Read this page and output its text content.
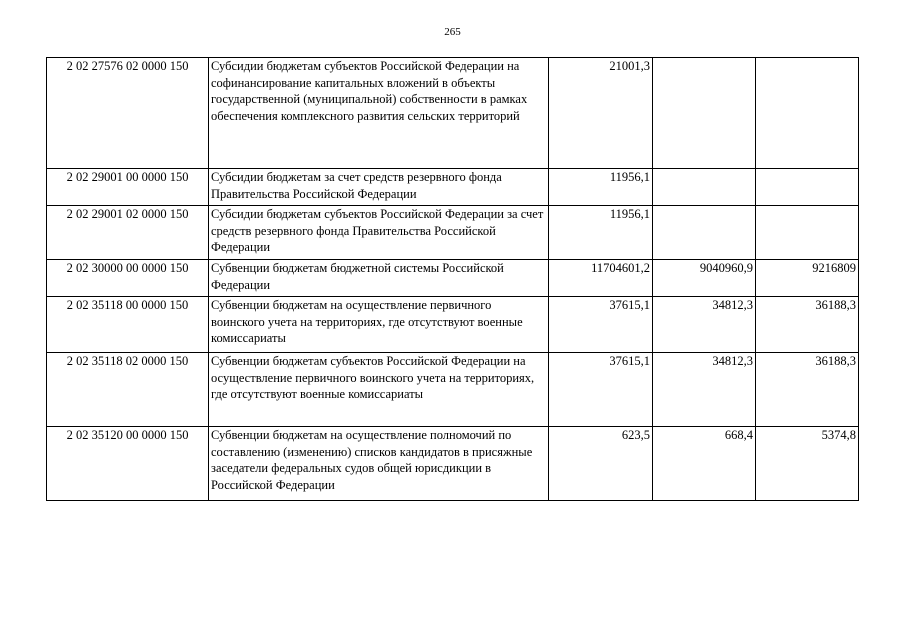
265
2 02 27576 02 0000 150	Субсидии бюджетам субъектов Российской Федерации на софинансирование капитальных вложений в объекты государственной (муниципальной) собственности в рамках обеспечения комплексного развития сельских территорий	21001,3		
2 02 29001 00 0000 150	Субсидии бюджетам за счет средств резервного фонда Правительства Российской Федерации	11956,1		
2 02 29001 02 0000 150	Субсидии бюджетам субъектов Российской Федерации за счет средств резервного фонда Правительства Российской Федерации	11956,1		
2 02 30000 00 0000 150	Субвенции бюджетам бюджетной системы Российской Федерации	11704601,2	9040960,9	9216809
2 02 35118 00 0000 150	Субвенции бюджетам на осуществление первичного воинского учета на территориях, где отсутствуют военные комиссариаты	37615,1	34812,3	36188,3
2 02 35118 02 0000 150	Субвенции бюджетам субъектов Российской Федерации на осуществление первичного воинского учета на территориях, где отсутствуют военные комиссариаты	37615,1	34812,3	36188,3
2 02 35120 00 0000 150	Субвенции бюджетам на осуществление полномочий по составлению (изменению) списков кандидатов в присяжные заседатели федеральных судов общей юрисдикции в Российской Федерации	623,5	668,4	5374,8
